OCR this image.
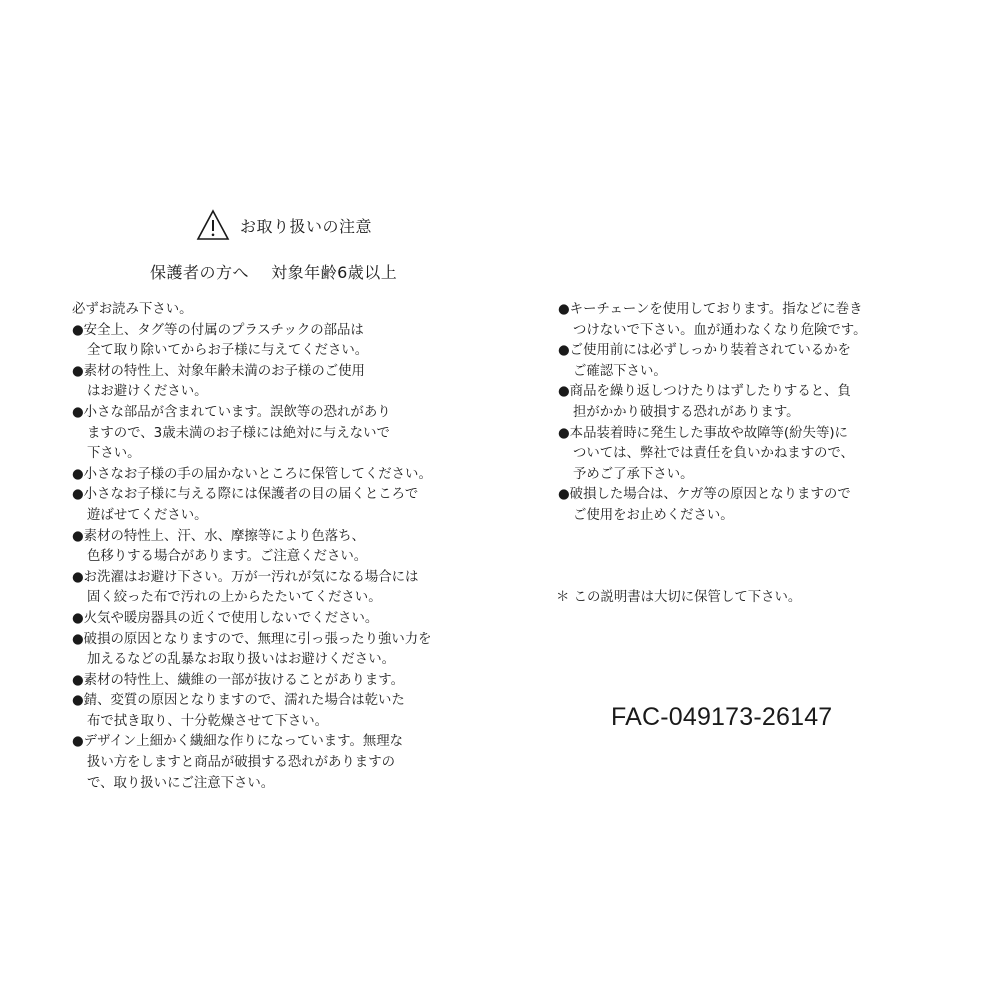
お取り扱いの注意
保護者の方へ　 対象年齢6歳以上
必ずお読み下さい。
●安全上、タグ等の付属のプラスチックの部品は
全て取り除いてからお子様に与えてください。
●素材の特性上、対象年齢未満のお子様のご使用
はお避けください。
●小さな部品が含まれています。誤飲等の恐れがあり
ますので、3歳未満のお子様には絶対に与えないで
下さい。
●小さなお子様の手の届かないところに保管してください。
●小さなお子様に与える際には保護者の目の届くところで
遊ばせてください。
●素材の特性上、汗、水、摩擦等により色落ち、
色移りする場合があります。ご注意ください。
●お洗濯はお避け下さい。万が一汚れが気になる場合には
固く絞った布で汚れの上からたたいてください。
●火気や暖房器具の近くで使用しないでください。
●破損の原因となりますので、無理に引っ張ったり強い力を
加えるなどの乱暴なお取り扱いはお避けください。
●素材の特性上、繊維の一部が抜けることがあります。
●錆、変質の原因となりますので、濡れた場合は乾いた
布で拭き取り、十分乾燥させて下さい。
●デザイン上細かく繊細な作りになっています。無理な
扱い方をしますと商品が破損する恐れがありますの
で、取り扱いにご注意下さい。
●キーチェーンを使用しております。指などに巻き
つけないで下さい。血が通わなくなり危険です。
●ご使用前には必ずしっかり装着されているかを
ご確認下さい。
●商品を繰り返しつけたりはずしたりすると、負
担がかかり破損する恐れがあります。
●本品装着時に発生した事故や故障等(紛失等)に
ついては、弊社では責任を負いかねますので、
予めご了承下さい。
●破損した場合は、ケガ等の原因となりますので
ご使用をお止めください。
＊ この説明書は大切に保管して下さい。
FAC-049173-26147
